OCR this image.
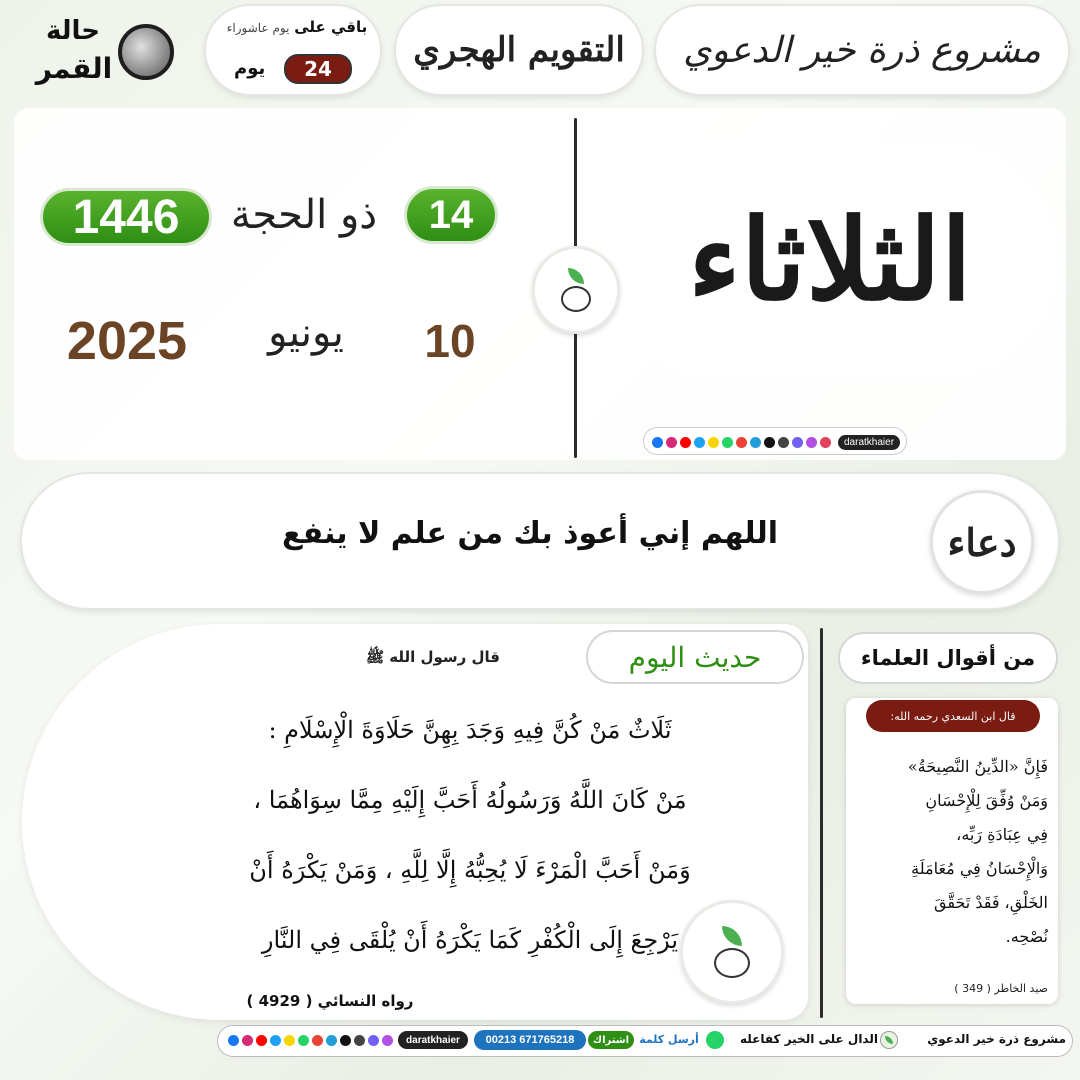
حالة
القمر
باقي على يوم عاشوراء
24
يوم	التقويم الهجري مشروع ذرة خير الدعوي
الثلاثاء
14
ذو الحجة
1446
10
يونيو
2025
daratkhaier
دعاء
اللهم إني أعوذ بك من علم لا ينفع
حديث اليوم
قال رسول الله ﷺ
ثَلَاثٌ مَنْ كُنَّ فِيهِ وَجَدَ بِهِنَّ حَلَاوَةَ الْإِسْلَامِ :
مَنْ كَانَ اللَّهُ وَرَسُولُهُ أَحَبَّ إِلَيْهِ مِمَّا سِوَاهُمَا ،
وَمَنْ أَحَبَّ الْمَرْءَ لَا يُحِبُّهُ إِلَّا لِلَّهِ ، وَمَنْ يَكْرَهُ أَنْ
يَرْجِعَ إِلَى الْكُفْرِ كَمَا يَكْرَهُ أَنْ يُلْقَى فِي النَّارِ
رواه النسائي ( 4929 )
من أقوال العلماء
قال ابن السعدي رحمه الله:
فَإِنَّ «الدِّينُ النَّصِيحَةُ»
وَمَنْ وُفِّقَ لِلْإِحْسَانِ
فِي عِبَادَةِ رَبِّه،
وَالْإِحْسَانُ فِي مُعَامَلَةِ
الخَلْقِ، فَقَدْ تَحَقَّقَ
نُصْحِه.
صيد الخاطر ( 349 )
مشروع ذرة خير الدعوي
الدال على الخير كفاعله
أرسل كلمة
اشتراك
00213 671765218
daratkhaier
